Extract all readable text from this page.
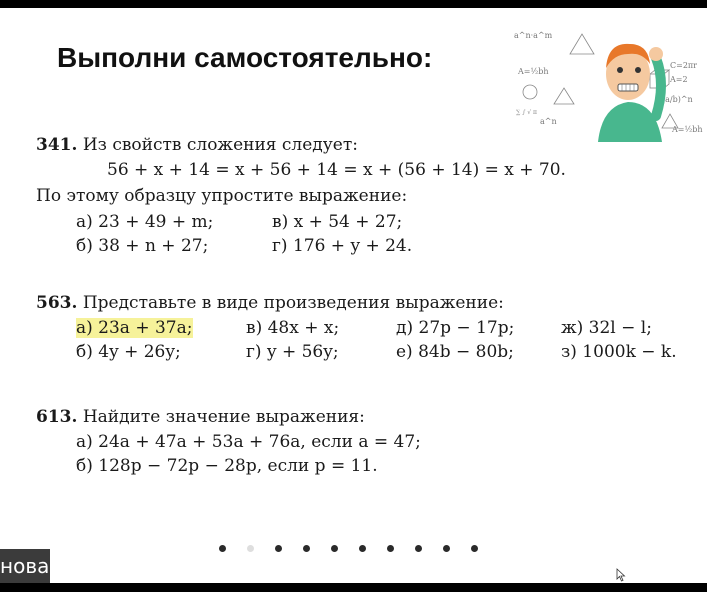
Выполни самостоятельно:
a^n·a^m
A=½bh
C=2πr
(a/b)^n
A=2
a^n
A=½bh
∑ ∫ √ π
341. Из свойств сложения следует:
56 + x + 14 = x + 56 + 14 = x + (56 + 14) = x + 70.
По этому образцу упростите выражение:
а) 23 + 49 + m;	в) x + 54 + 27;
б) 38 + n + 27;	г) 176 + y + 24.
563. Представьте в виде произведения выражение:
а) 23a + 37a;	в) 48x + x;	д) 27p − 17p;	ж) 32l − l;
б) 4y + 26y;	г) y + 56y;	е) 84b − 80b;	з) 1000k − k.
613. Найдите значение выражения:
а) 24a + 47a + 53a + 76a, если a = 47;
б) 128p − 72p − 28p, если p = 11.
нова
